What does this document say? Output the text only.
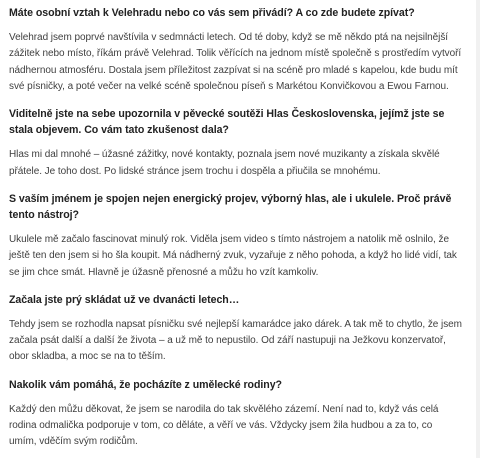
Máte osobní vztah k Velehradu nebo co vás sem přivádí? A co zde budete zpívat?

Velehrad jsem poprvé navštívila v sedmnácti letech. Od té doby, když se mě někdo ptá na nejsilnější zážitek nebo místo, říkám právě Velehrad. Tolik věřících na jednom místě společně s prostředím vytvoří nádhernou atmosféru. Dostala jsem příležitost zazpívat si na scéně pro mladé s kapelou, kde budu mít své písničky, a poté večer na velké scéně společnou píseň s Markétou Konvičkovou a Ewou Farnou.

Viditelně jste na sebe upozornila v pěvecké soutěži Hlas Československa, jejímž jste se stala objevem. Co vám tato zkušenost dala?

Hlas mi dal mnohé – úžasné zážitky, nové kontakty, poznala jsem nové muzikanty a získala skvělé přátele. Je toho dost. Po lidské stránce jsem trochu i dospěla a přiučila se mnohému.

S vaším jménem je spojen nejen energický projev, výborný hlas, ale i ukulele. Proč právě tento nástroj?

Ukulele mě začalo fascinovat minulý rok. Viděla jsem video s tímto nástrojem a natolik mě oslnilo, že ještě ten den jsem si ho šla koupit. Má nádherný zvuk, vyzařuje z něho pohoda, a když ho lidé vidí, tak se jim chce smát. Hlavně je úžasně přenosné a můžu ho vzít kamkoliv.

Začala jste prý skládat už ve dvanácti letech…

Tehdy jsem se rozhodla napsat písničku své nejlepší kamarádce jako dárek. A tak mě to chytlo, že jsem začala psát další a další že života – a už mě to nepustilo. Od září nastupuji na Ježkovu konzervatoř, obor skladba, a moc se na to těším.

Nakolik vám pomáhá, že pocházíte z umělecké rodiny?

Každý den můžu děkovat, že jsem se narodila do tak skvělého zázemí. Není nad to, když vás celá rodina odmalička podporuje v tom, co děláte, a věří ve vás. Vždycky jsem žila hudbou a za to, co umím, vděčím svým rodičům.
